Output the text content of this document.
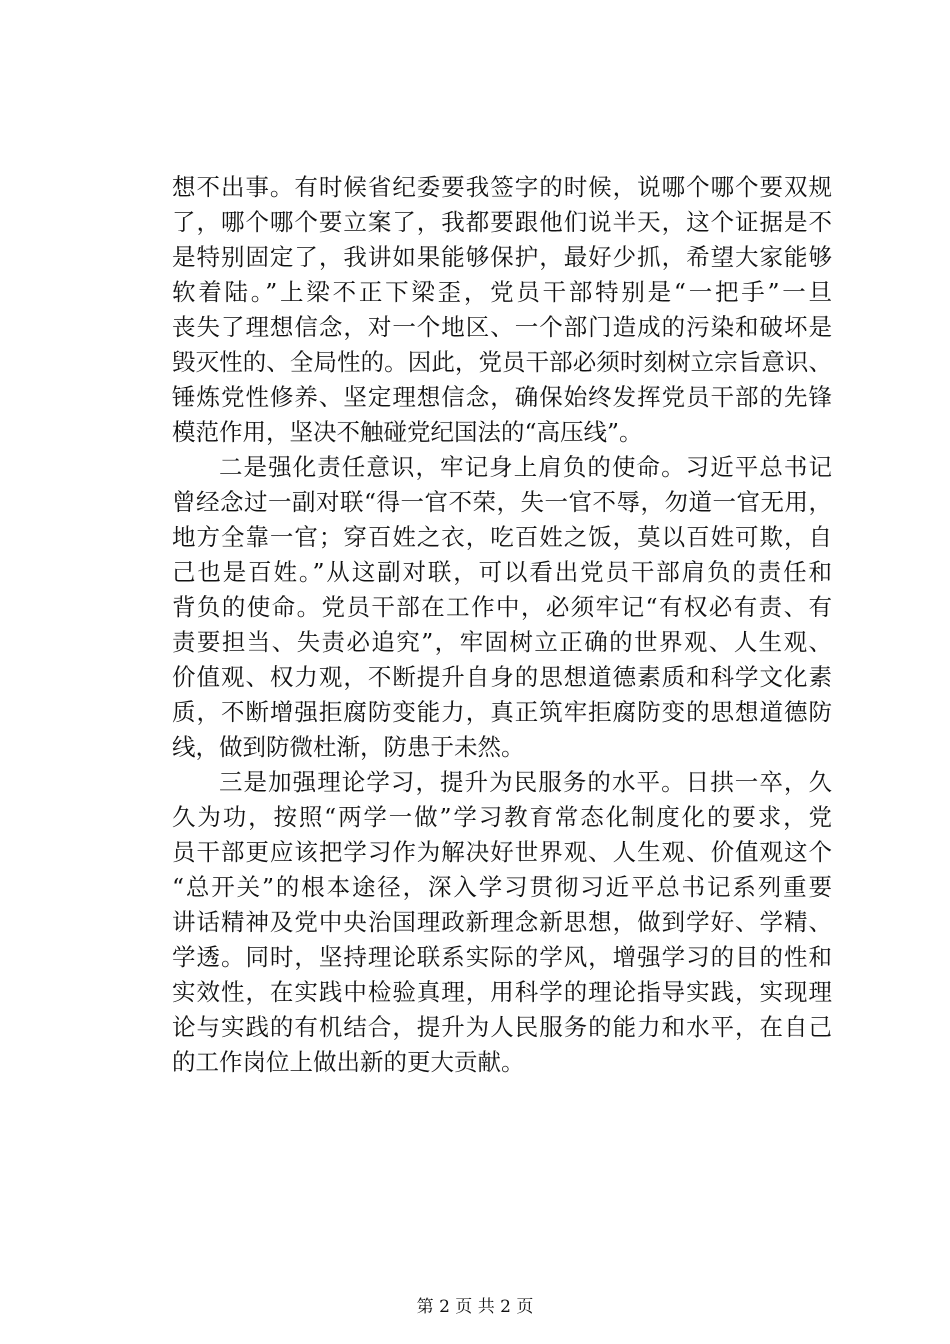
想不出事。有时候省纪委要我签字的时候，说哪个哪个要双规
了，哪个哪个要立案了，我都要跟他们说半天，这个证据是不
是特别固定了，我讲如果能够保护，最好少抓，希望大家能够
软着陆。”上梁不正下梁歪，党员干部特别是“一把手”一旦
丧失了理想信念，对一个地区、一个部门造成的污染和破坏是
毁灭性的、全局性的。因此，党员干部必须时刻树立宗旨意识、
锤炼党性修养、坚定理想信念，确保始终发挥党员干部的先锋
模范作用，坚决不触碰党纪国法的“高压线”。
二是强化责任意识，牢记身上肩负的使命。习近平总书记
曾经念过一副对联“得一官不荣，失一官不辱，勿道一官无用，
地方全靠一官；穿百姓之衣，吃百姓之饭，莫以百姓可欺，自
己也是百姓。”从这副对联，可以看出党员干部肩负的责任和
背负的使命。党员干部在工作中，必须牢记“有权必有责、有
责要担当、失责必追究”，牢固树立正确的世界观、人生观、
价值观、权力观，不断提升自身的思想道德素质和科学文化素
质，不断增强拒腐防变能力，真正筑牢拒腐防变的思想道德防
线，做到防微杜渐，防患于未然。
三是加强理论学习，提升为民服务的水平。日拱一卒，久
久为功，按照“两学一做”学习教育常态化制度化的要求，党
员干部更应该把学习作为解决好世界观、人生观、价值观这个
“总开关”的根本途径，深入学习贯彻习近平总书记系列重要
讲话精神及党中央治国理政新理念新思想，做到学好、学精、
学透。同时，坚持理论联系实际的学风，增强学习的目的性和
实效性，在实践中检验真理，用科学的理论指导实践，实现理
论与实践的有机结合，提升为人民服务的能力和水平，在自己
的工作岗位上做出新的更大贡献。
第 2 页 共 2 页
